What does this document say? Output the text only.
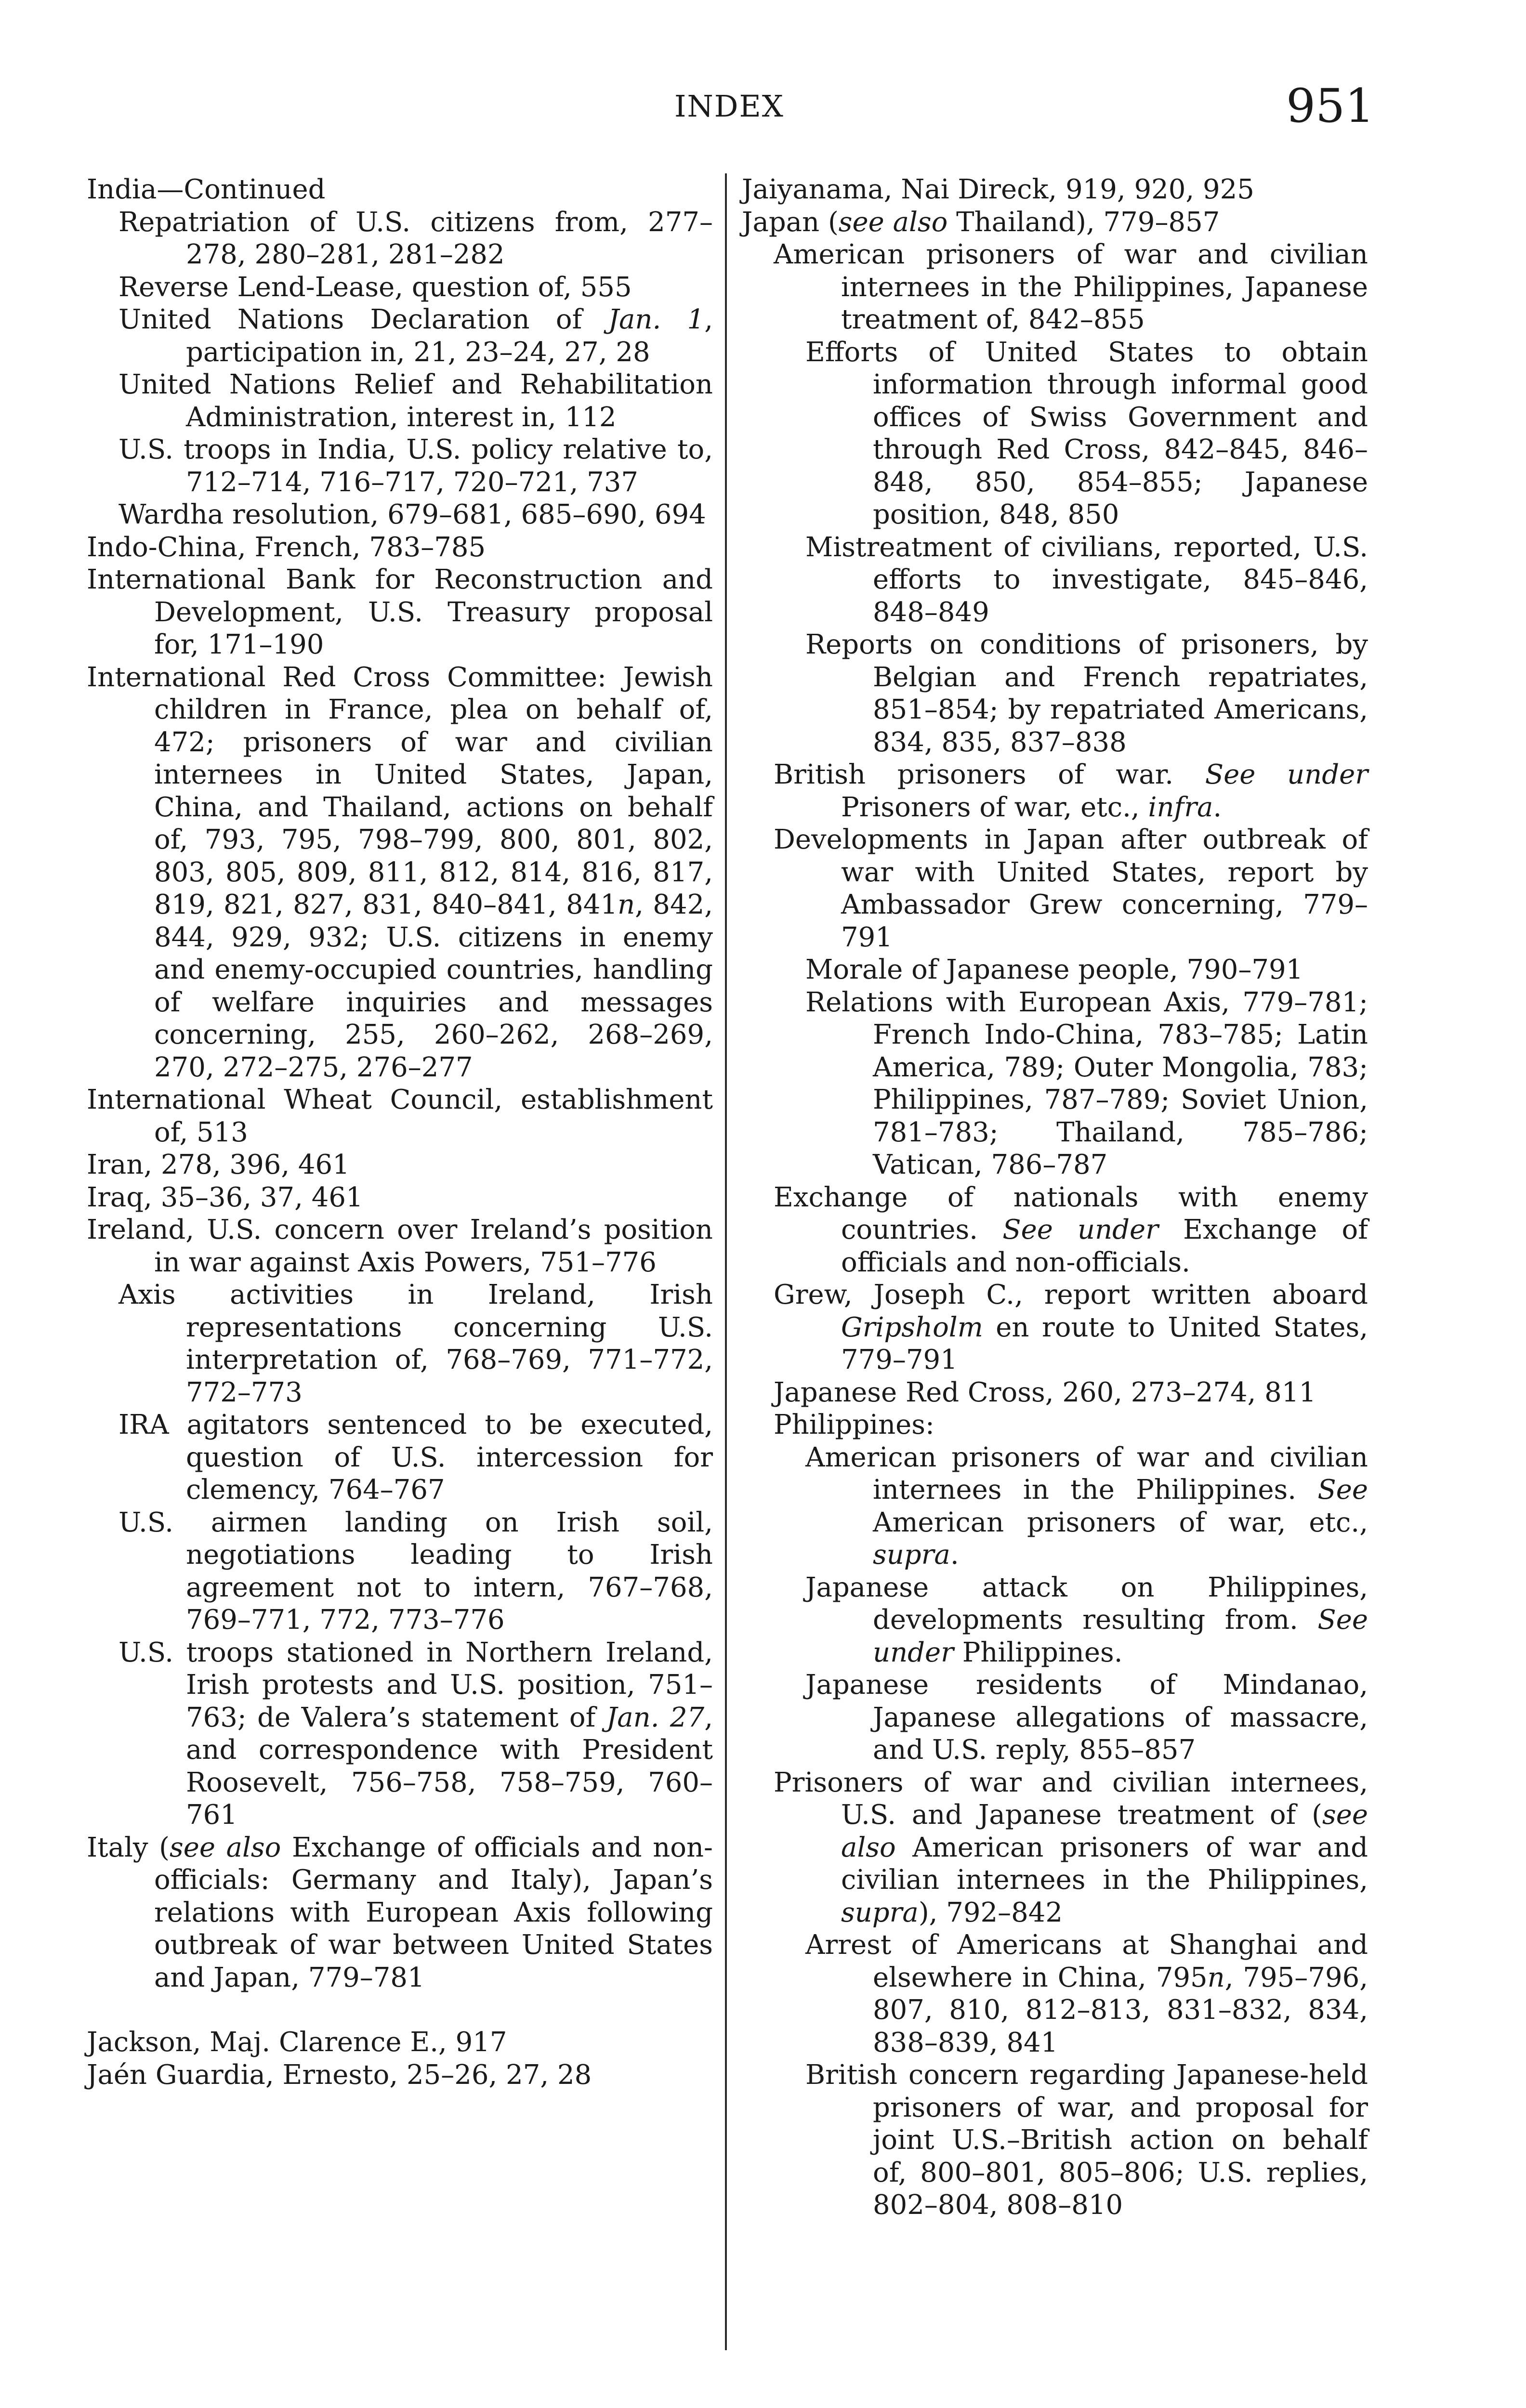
INDEX	951
India—Continued
Repatriation of U.S. citizens from, 277–278, 280–281, 281–282
Reverse Lend-Lease, question of, 555
United Nations Declaration of Jan. 1, participation in, 21, 23–24, 27, 28
United Nations Relief and Rehabilitation Administration, interest in, 112
U.S. troops in India, U.S. policy relative to, 712–714, 716–717, 720–721, 737
Wardha resolution, 679–681, 685–690, 694
Indo-China, French, 783–785
International Bank for Reconstruction and Development, U.S. Treasury proposal for, 171–190
International Red Cross Committee: Jewish children in France, plea on behalf of, 472; prisoners of war and civilian internees in United States, Japan, China, and Thailand, actions on behalf of, 793, 795, 798–799, 800, 801, 802, 803, 805, 809, 811, 812, 814, 816, 817, 819, 821, 827, 831, 840–841, 841n, 842, 844, 929, 932; U.S. citizens in enemy and enemy-occupied countries, handling of welfare inquiries and messages concerning, 255, 260–262, 268–269, 270, 272–275, 276–277
International Wheat Council, establishment of, 513
Iran, 278, 396, 461
Iraq, 35–36, 37, 461
Ireland, U.S. concern over Ireland’s position in war against Axis Powers, 751–776
Axis activities in Ireland, Irish representations concerning U.S. interpretation of, 768–769, 771–772, 772–773
IRA agitators sentenced to be executed, question of U.S. intercession for clemency, 764–767
U.S. airmen landing on Irish soil, negotiations leading to Irish agreement not to intern, 767–768, 769–771, 772, 773–776
U.S. troops stationed in Northern Ireland, Irish protests and U.S. position, 751–763; de Valera’s statement of Jan. 27, and correspondence with President Roosevelt, 756–758, 758–759, 760–761
Italy (see also Exchange of officials and non-officials: Germany and Italy), Japan’s relations with European Axis following outbreak of war between United States and Japan, 779–781
Jackson, Maj. Clarence E., 917
Jaén Guardia, Ernesto, 25–26, 27, 28
Jaiyanama, Nai Direck, 919, 920, 925
Japan (see also Thailand), 779–857
American prisoners of war and civilian internees in the Philippines, Japanese treatment of, 842–855
Efforts of United States to obtain information through informal good offices of Swiss Government and through Red Cross, 842–845, 846–848, 850, 854–855; Japanese position, 848, 850
Mistreatment of civilians, reported, U.S. efforts to investigate, 845–846, 848–849
Reports on conditions of prisoners, by Belgian and French repatriates, 851–854; by repatriated Americans, 834, 835, 837–838
British prisoners of war. See under Prisoners of war, etc., infra.
Developments in Japan after outbreak of war with United States, report by Ambassador Grew concerning, 779–791
Morale of Japanese people, 790–791
Relations with European Axis, 779–781; French Indo-China, 783–785; Latin America, 789; Outer Mongolia, 783; Philippines, 787–789; Soviet Union, 781–783; Thailand, 785–786; Vatican, 786–787
Exchange of nationals with enemy countries. See under Exchange of officials and non-officials.
Grew, Joseph C., report written aboard Gripsholm en route to United States, 779–791
Japanese Red Cross, 260, 273–274, 811
Philippines:
American prisoners of war and civilian internees in the Philippines. See American prisoners of war, etc., supra.
Japanese attack on Philippines, developments resulting from. See under Philippines.
Japanese residents of Mindanao, Japanese allegations of massacre, and U.S. reply, 855–857
Prisoners of war and civilian internees, U.S. and Japanese treatment of (see also American prisoners of war and civilian internees in the Philippines, supra), 792–842
Arrest of Americans at Shanghai and elsewhere in China, 795n, 795–796, 807, 810, 812–813, 831–832, 834, 838–839, 841
British concern regarding Japanese-held prisoners of war, and proposal for joint U.S.–British action on behalf of, 800–801, 805–806; U.S. replies, 802–804, 808–810
